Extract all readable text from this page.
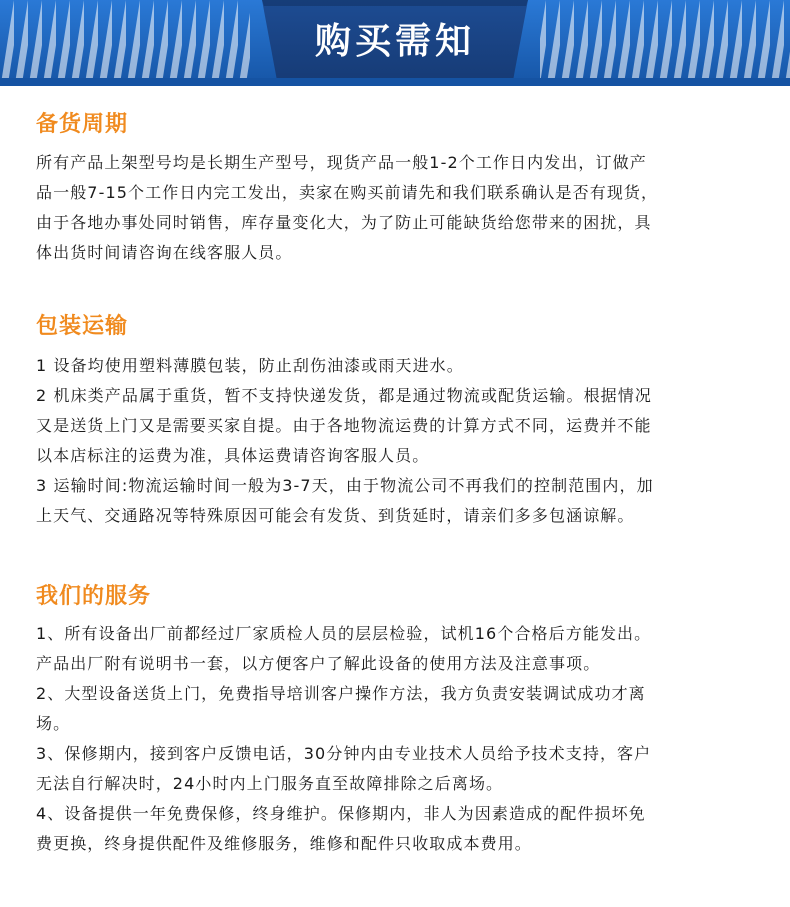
购买需知
备货周期

所有产品上架型号均是长期生产型号，现货产品一般1-2个工作日内发出，订做产

品一般7-15个工作日内完工发出，卖家在购买前请先和我们联系确认是否有现货，

由于各地办事处同时销售，库存量变化大，为了防止可能缺货给您带来的困扰，具

体出货时间请咨询在线客服人员。

包装运输

1 设备均使用塑料薄膜包装，防止刮伤油漆或雨天进水。

2 机床类产品属于重货，暂不支持快递发货，都是通过物流或配货运输。根据情况

又是送货上门又是需要买家自提。由于各地物流运费的计算方式不同，运费并不能

以本店标注的运费为准，具体运费请咨询客服人员。

3 运输时间:物流运输时间一般为3-7天，由于物流公司不再我们的控制范围内，加

上天气、交通路况等特殊原因可能会有发货、到货延时，请亲们多多包涵谅解。

我们的服务

1、所有设备出厂前都经过厂家质检人员的层层检验，试机16个合格后方能发出。

产品出厂附有说明书一套，以方便客户了解此设备的使用方法及注意事项。

2、大型设备送货上门，免费指导培训客户操作方法，我方负责安装调试成功才离

场。

3、保修期内，接到客户反馈电话，30分钟内由专业技术人员给予技术支持，客户

无法自行解决时，24小时内上门服务直至故障排除之后离场。

4、设备提供一年免费保修，终身维护。保修期内，非人为因素造成的配件损坏免

费更换，终身提供配件及维修服务，维修和配件只收取成本费用。
